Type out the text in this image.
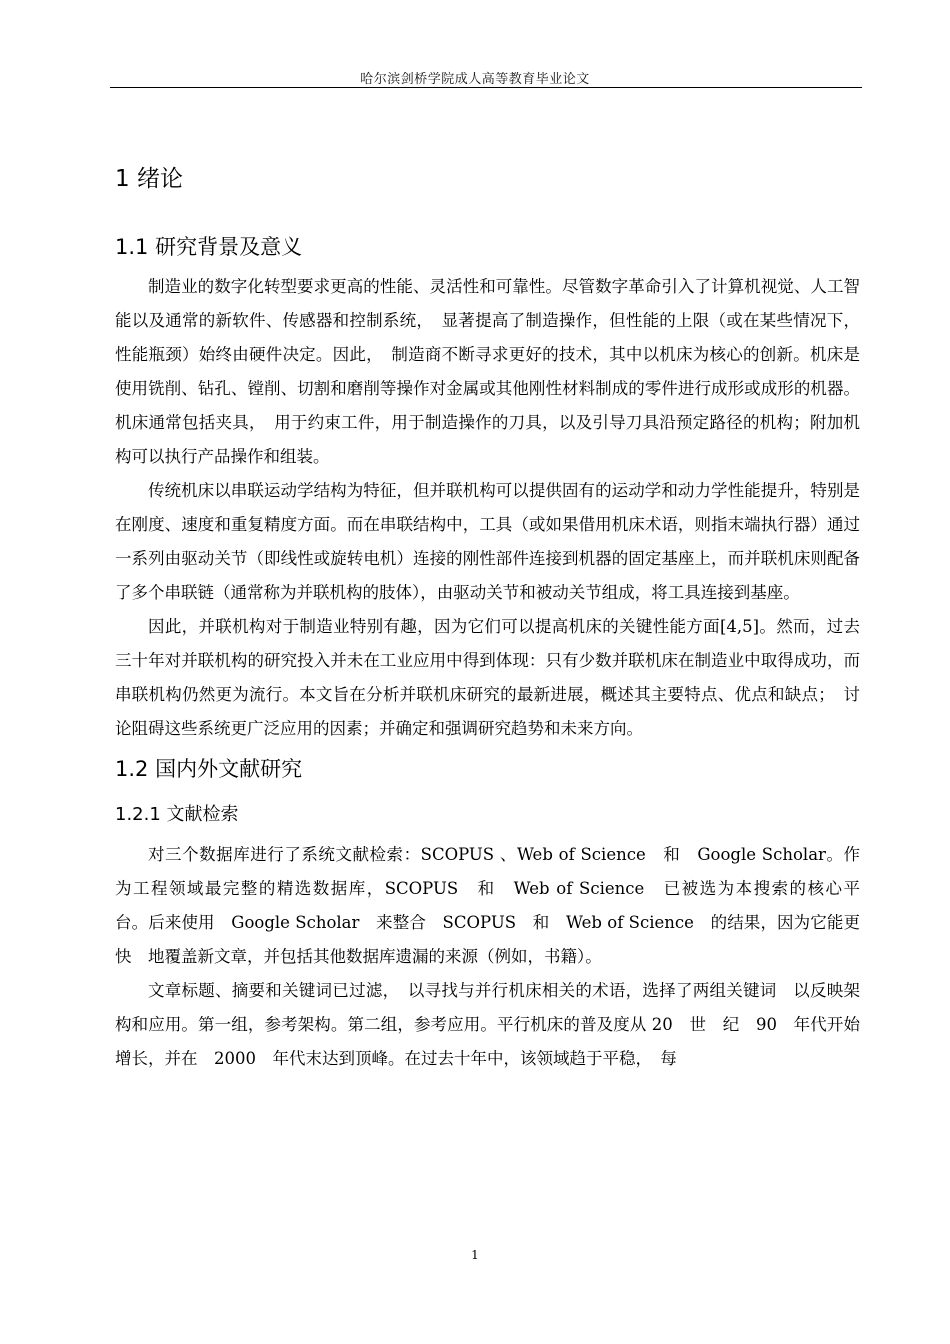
哈尔滨剑桥学院成人高等教育毕业论文
1 绪论
1.1 研究背景及意义

制造业的数字化转型要求更高的性能、灵活性和可靠性。尽管数字革命引入了计算机视觉、人工智能以及通常的新软件、传感器和控制系统，　显著提高了制造操作，但性能的上限（或在某些情况下，性能瓶颈）始终由硬件决定。因此，　制造商不断寻求更好的技术，其中以机床为核心的创新。机床是使用铣削、钻孔、镗削、切割和磨削等操作对金属或其他刚性材料制成的零件进行成形或成形的机器。机床通常包括夹具，　用于约束工件，用于制造操作的刀具，以及引导刀具沿预定路径的机构；附加机构可以执行产品操作和组装。

传统机床以串联运动学结构为特征，但并联机构可以提供固有的运动学和动力学性能提升，特别是在刚度、速度和重复精度方面。而在串联结构中，工具（或如果借用机床术语，则指末端执行器）通过一系列由驱动关节（即线性或旋转电机）连接的刚性部件连接到机器的固定基座上，而并联机床则配备了多个串联链（通常称为并联机构的肢体），由驱动关节和被动关节组成，将工具连接到基座。

因此，并联机构对于制造业特别有趣，因为它们可以提高机床的关键性能方面[4,5]。然而，过去三十年对并联机构的研究投入并未在工业应用中得到体现：只有少数并联机床在制造业中取得成功，而串联机构仍然更为流行。本文旨在分析并联机床研究的最新进展，概述其主要特点、优点和缺点；　讨论阻碍这些系统更广泛应用的因素；并确定和强调研究趋势和未来方向。

1.2 国内外文献研究
1.2.1 文献检索

对三个数据库进行了系统文献检索：SCOPUS 、Web of Science　和　Google Scholar。作　为工程领域最完整的精选数据库，SCOPUS　和　Web of Science　已被选为本搜索的核心平　台。后来使用　Google Scholar　来整合　SCOPUS　和　Web of Science　的结果，因为它能更快　地覆盖新文章，并包括其他数据库遗漏的来源（例如，书籍）。

文章标题、摘要和关键词已过滤，　以寻找与并行机床相关的术语，选择了两组关键词　以反映架构和应用。第一组，参考架构。第二组，参考应用。平行机床的普及度从 20　世　纪　90　年代开始增长，并在　2000　年代末达到顶峰。在过去十年中，该领域趋于平稳，　每

1
